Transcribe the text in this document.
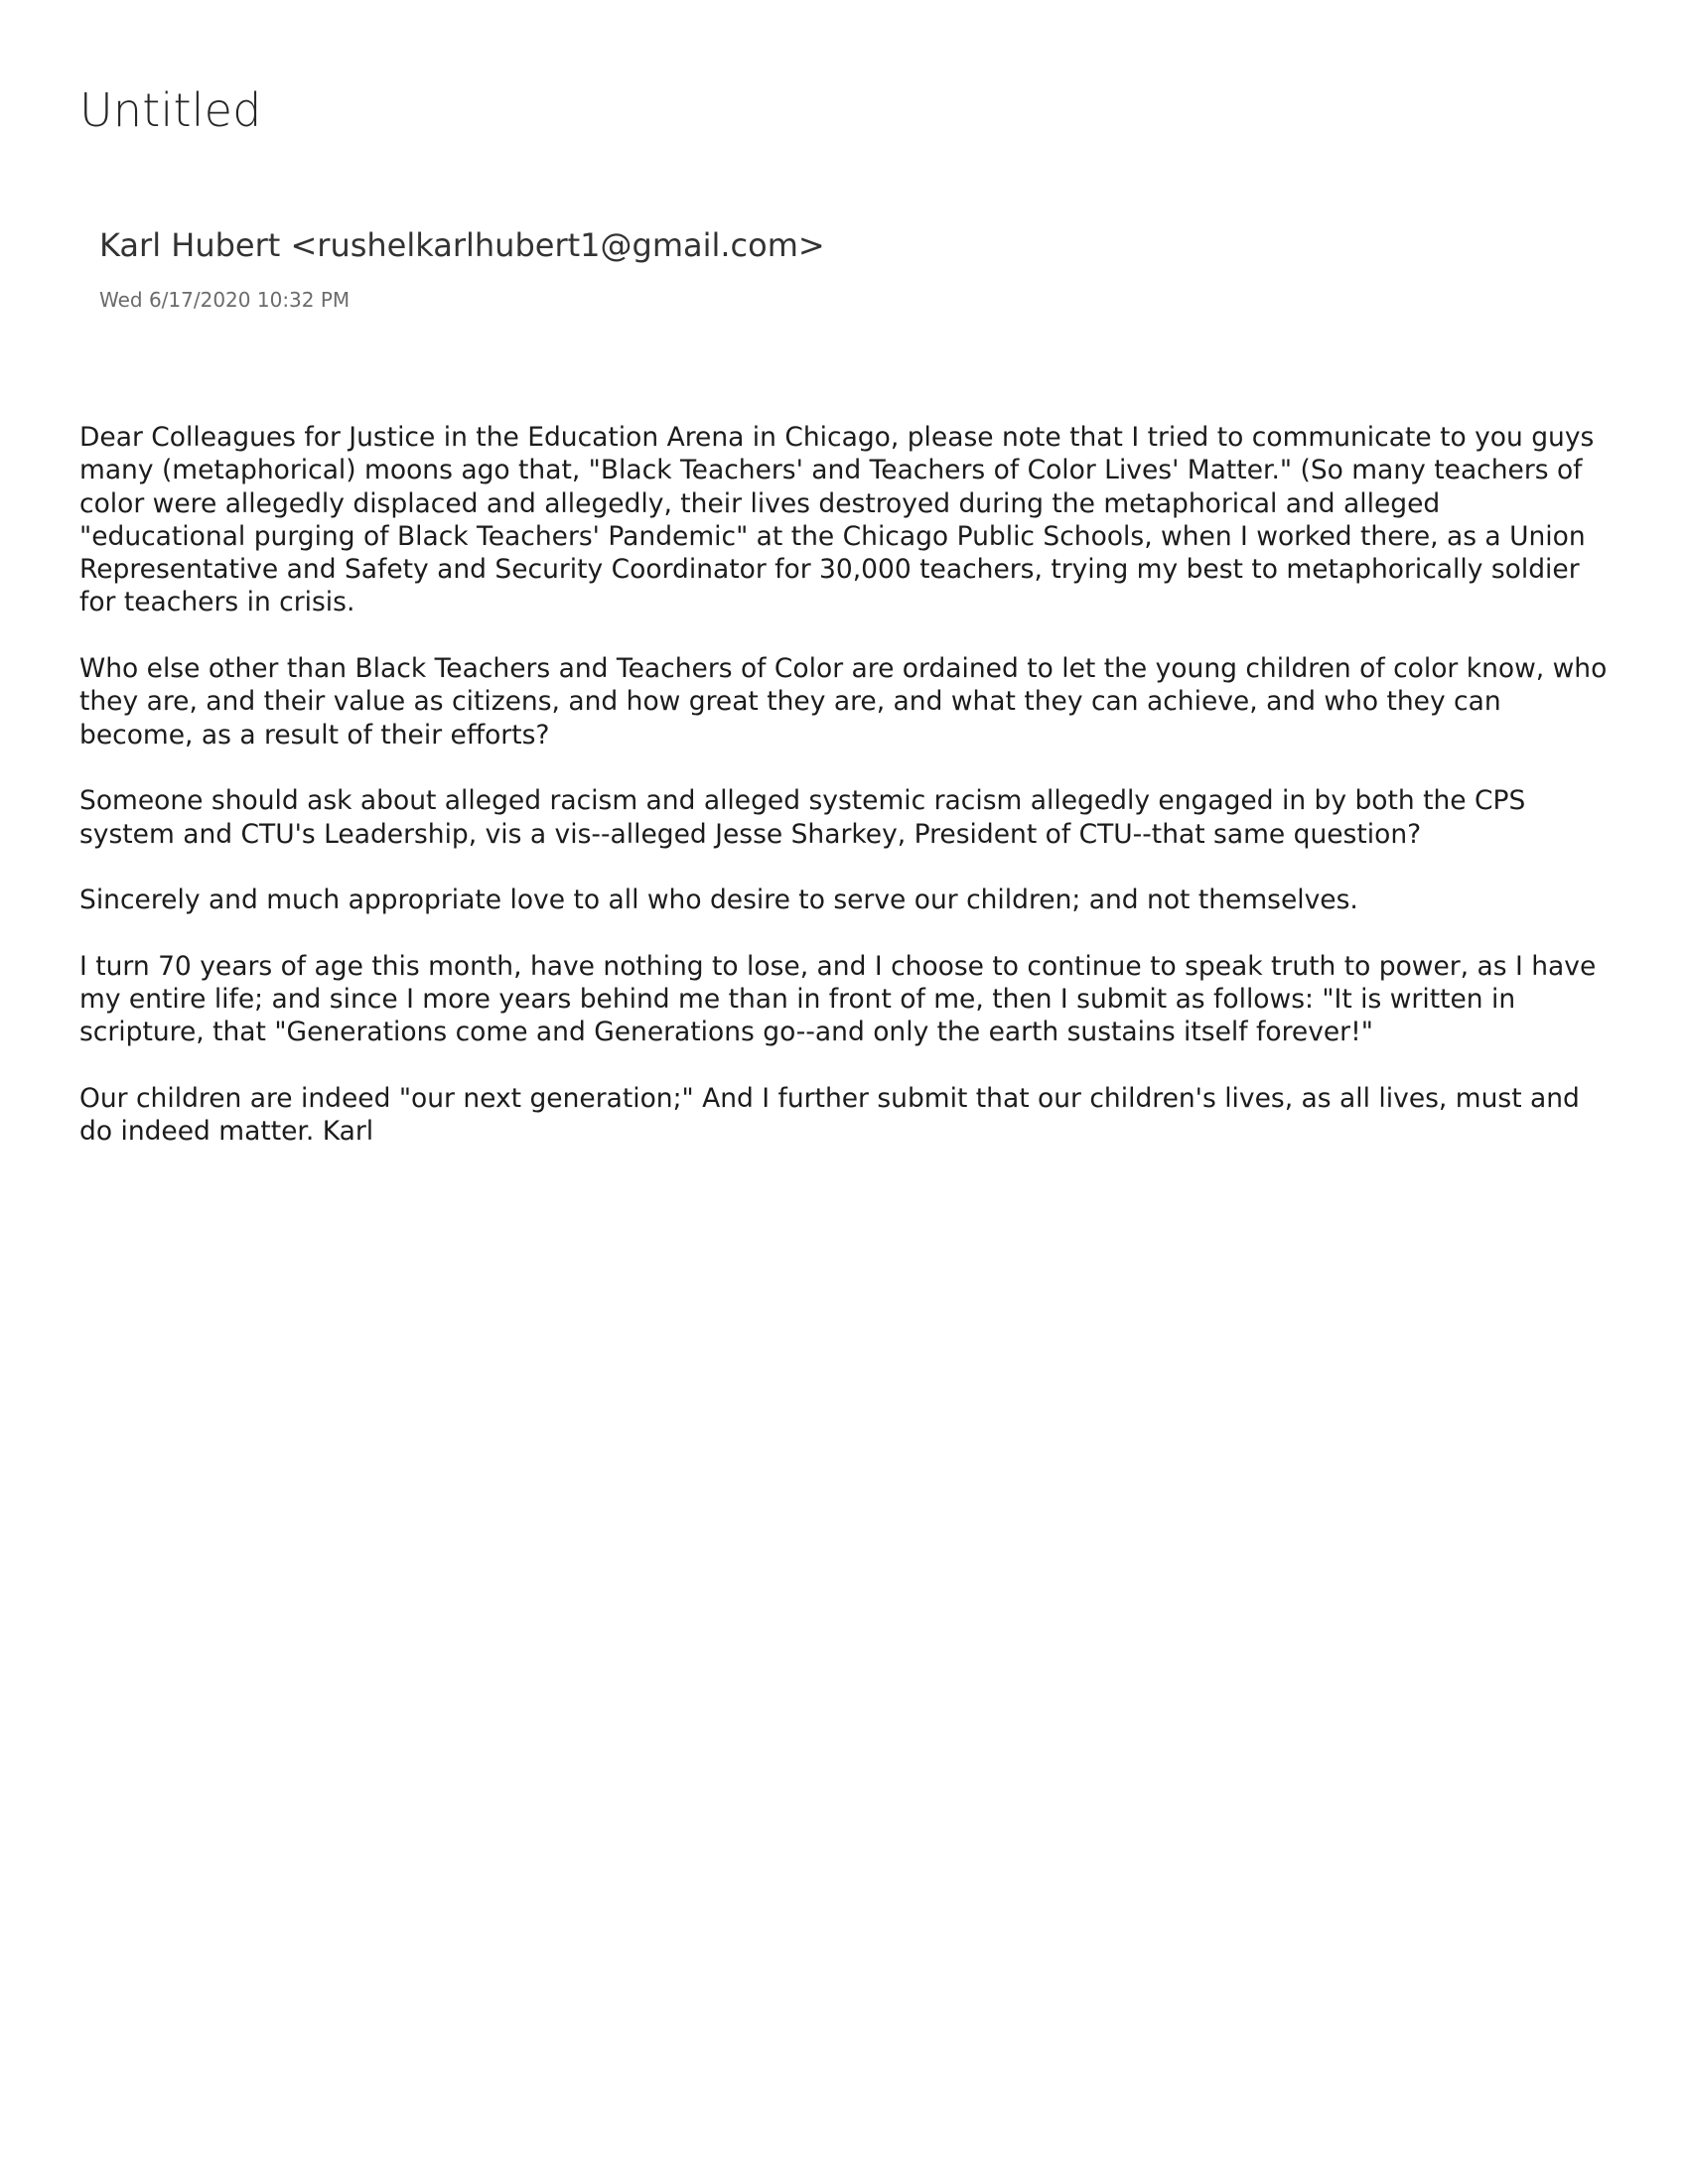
Untitled
Karl Hubert <rushelkarlhubert1@gmail.com>
Wed 6/17/2020 10:32 PM

Dear Colleagues for Justice in the Education Arena in Chicago, please note that I tried to communicate to you guys many (metaphorical) moons ago that, "Black Teachers' and Teachers of Color Lives' Matter." (So many teachers of color were allegedly displaced and allegedly, their lives destroyed during the metaphorical and alleged "educational purging of Black Teachers' Pandemic" at the Chicago Public Schools, when I worked there, as a Union Representative and Safety and Security Coordinator for 30,000 teachers, trying my best to metaphorically soldier for teachers in crisis.

Who else other than Black Teachers and Teachers of Color are ordained to let the young children of color know, who they are, and their value as citizens, and how great they are, and what they can achieve, and who they can become, as a result of their efforts?

Someone should ask about alleged racism and alleged systemic racism allegedly engaged in by both the CPS system and CTU's Leadership, vis a vis--alleged Jesse Sharkey, President of CTU--that same question?

Sincerely and much appropriate love to all who desire to serve our children; and not themselves.

I turn 70 years of age this month, have nothing to lose, and I choose to continue to speak truth to power, as I have my entire life; and since I more years behind me than in front of me, then I submit as follows: "It is written in scripture, that "Generations come and Generations go--and only the earth sustains itself forever!"

Our children are indeed "our next generation;" And I further submit that our children's lives, as all lives, must and do indeed matter. Karl
